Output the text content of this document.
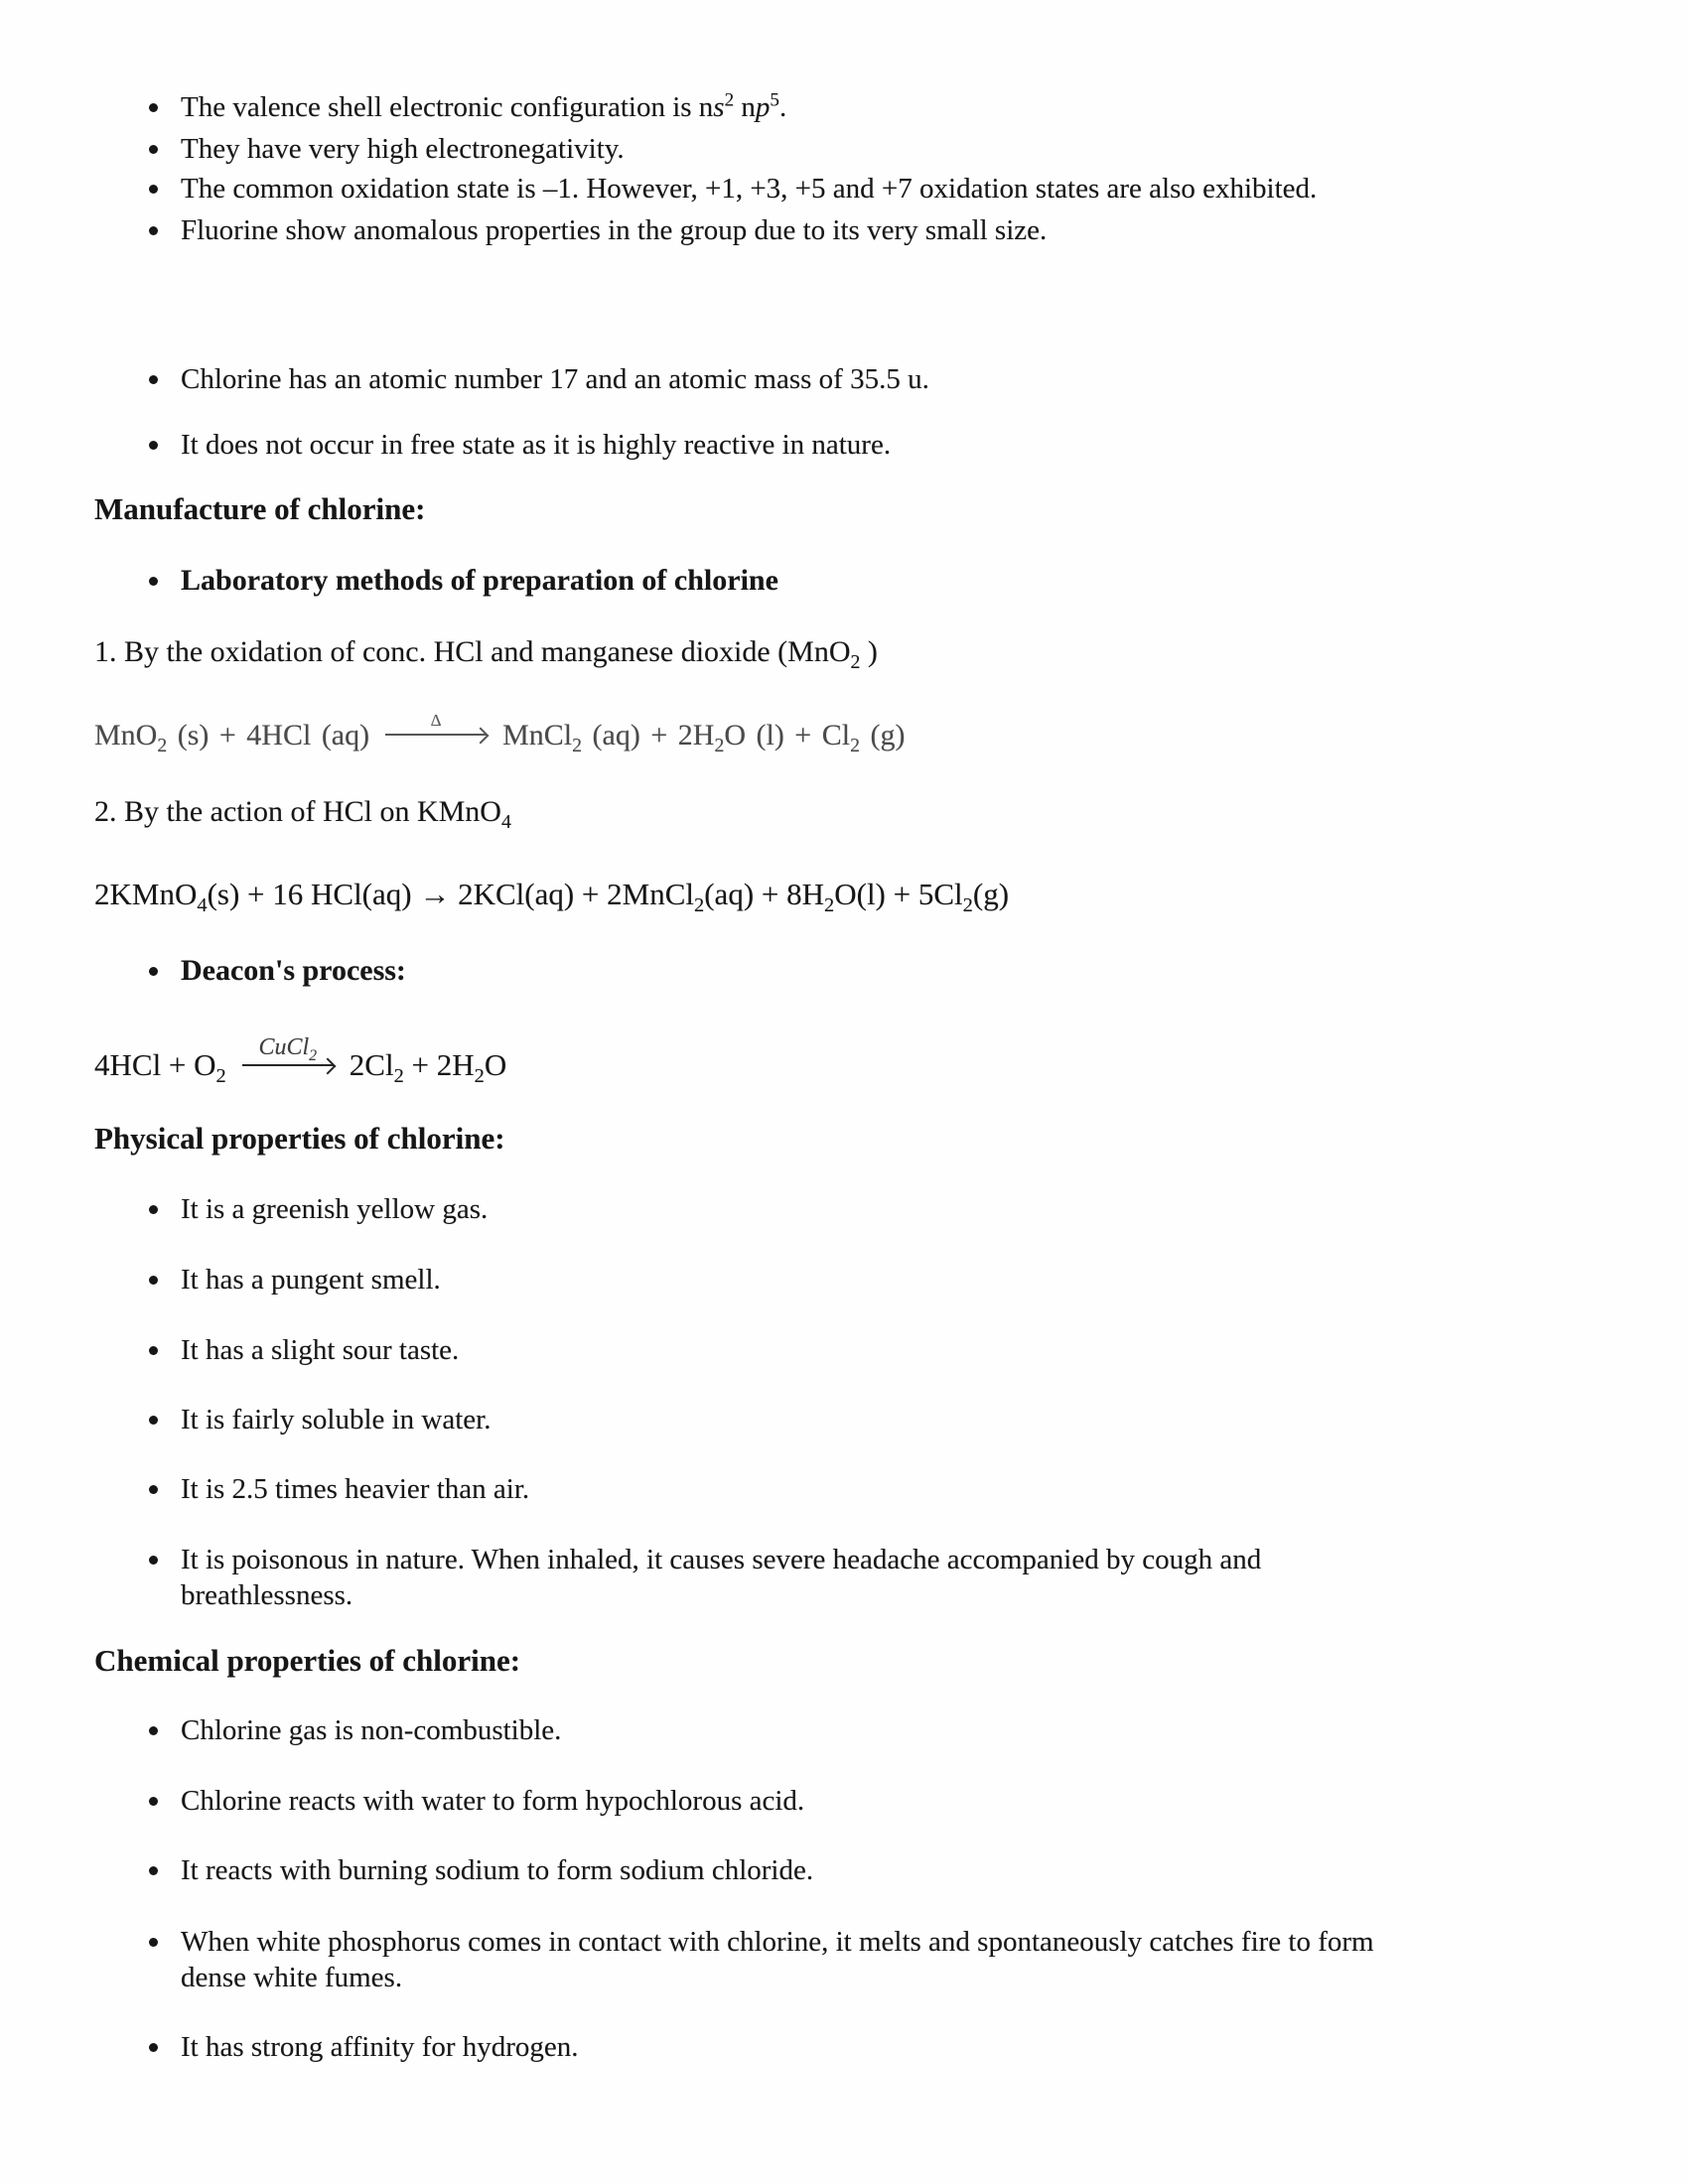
The valence shell electronic configuration is $ns^2$ $np^5$.
They have very high electronegativity.
The common oxidation state is –1. However, +1, +3, +5 and +7 oxidation states are also exhibited.
Fluorine show anomalous properties in the group due to its very small size.
Chlorine has an atomic number 17 and an atomic mass of 35.5 u.
It does not occur in free state as it is highly reactive in nature.
Manufacture of chlorine:
Laboratory methods of preparation of chlorine
1. By the oxidation of conc. HCl and manganese dioxide (MnO$_2$ )
MnO$_2$ (s) + 4HCl (aq)	Δ MnCl$_2$ $(aq) + 2H_2O$ $(l) + Cl_2$ (g)
2. By the action of HCl on KMnO$_4$
2KMnO$_4$(s) + 16 HCl(aq) → 2KCl(aq) + 2MnCl$_2$(aq) + $8H_2O(l) + 5Cl_2(g)$
Deacon's process:
$4HCl + O_2$
CuCl$_2$ $2Cl_2 + 2H_2O$
Physical properties of chlorine:
It is a greenish yellow gas.
It has a pungent smell.
It has a slight sour taste.
It is fairly soluble in water.
It is 2.5 times heavier than air.
It is poisonous in nature. When inhaled, it causes severe headache accompanied by cough and
breathlessness.
Chemical properties of chlorine:
Chlorine gas is non-combustible.
Chlorine reacts with water to form hypochlorous acid.
It reacts with burning sodium to form sodium chloride.
When white phosphorus comes in contact with chlorine, it melts and spontaneously catches fire to form
dense white fumes.
It has strong affinity for hydrogen.
